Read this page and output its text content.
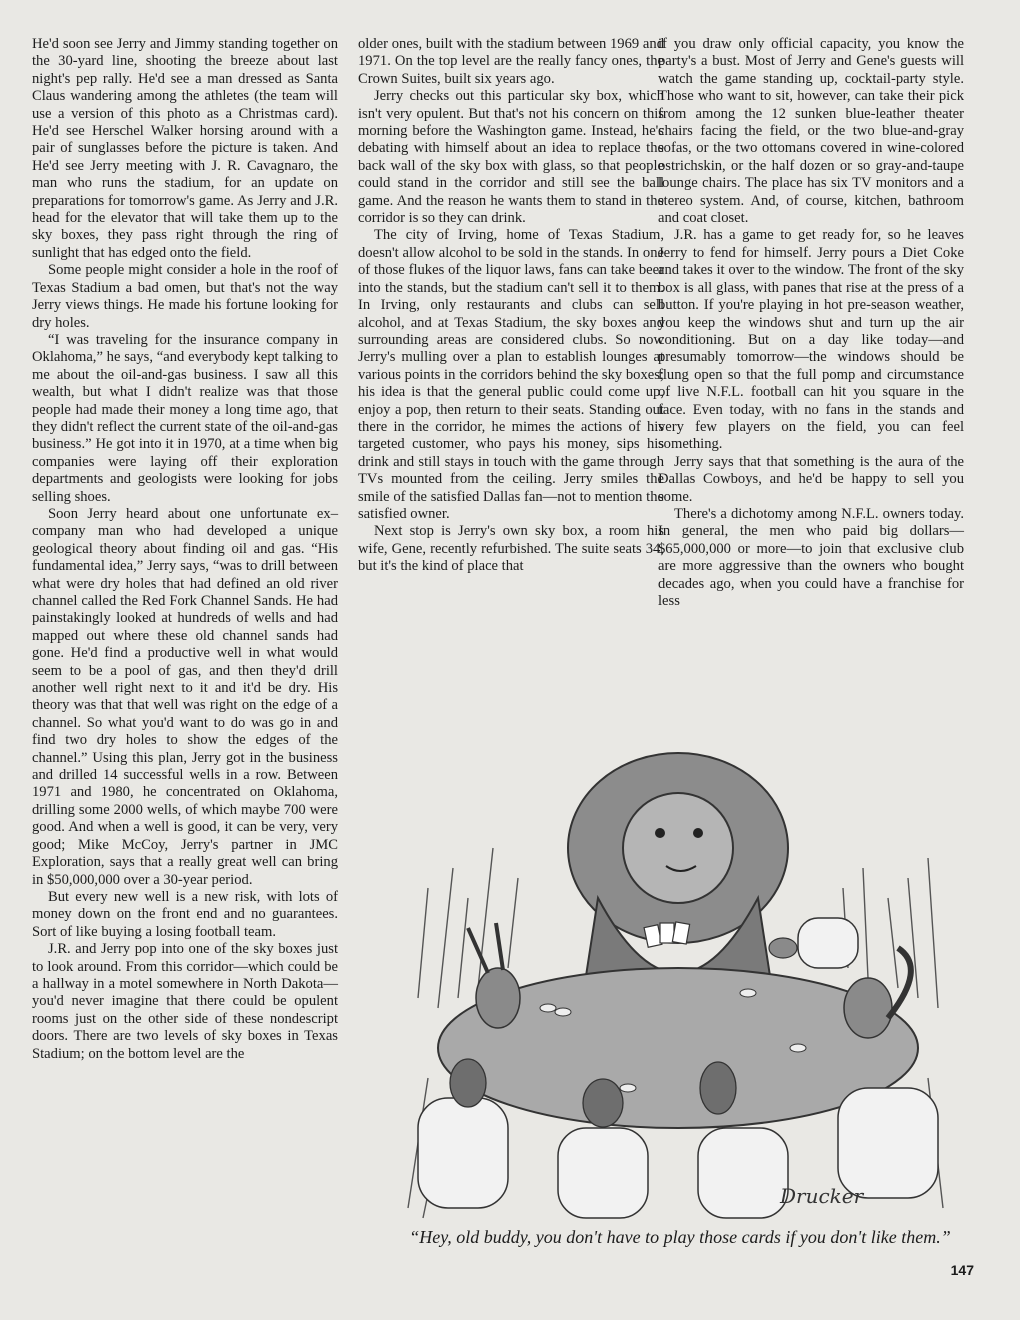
He'd soon see Jerry and Jimmy standing together on the 30-yard line, shooting the breeze about last night's pep rally. He'd see a man dressed as Santa Claus wandering among the athletes (the team will use a version of this photo as a Christmas card). He'd see Herschel Walker horsing around with a pair of sunglasses before the picture is taken. And He'd see Jerry meeting with J. R. Cavagnaro, the man who runs the stadium, for an update on preparations for tomorrow's game. As Jerry and J.R. head for the elevator that will take them up to the sky boxes, they pass right through the ring of sunlight that has edged onto the field.

Some people might consider a hole in the roof of Texas Stadium a bad omen, but that's not the way Jerry views things. He made his fortune looking for dry holes.

“I was traveling for the insurance company in Oklahoma,” he says, “and everybody kept talking to me about the oil-and-gas business. I saw all this wealth, but what I didn't realize was that those people had made their money a long time ago, that they didn't reflect the current state of the oil-and-gas business.” He got into it in 1970, at a time when big companies were laying off their exploration departments and geologists were looking for jobs selling shoes.

Soon Jerry heard about one unfortunate ex–company man who had developed a unique geological theory about finding oil and gas. “His fundamental idea,” Jerry says, “was to drill between what were dry holes that had defined an old river channel called the Red Fork Channel Sands. He had painstakingly looked at hundreds of wells and had mapped out where these old channel sands had gone. He'd find a productive well in what would seem to be a pool of gas, and then they'd drill another well right next to it and it'd be dry. His theory was that that well was right on the edge of a channel. So what you'd want to do was go in and find two dry holes to show the edges of the channel.” Using this plan, Jerry got in the business and drilled 14 successful wells in a row. Between 1971 and 1980, he concentrated on Oklahoma, drilling some 2000 wells, of which maybe 700 were good. And when a well is good, it can be very, very good; Mike McCoy, Jerry's partner in JMC Exploration, says that a really great well can bring in $50,000,000 over a 30-year period.

But every new well is a new risk, with lots of money down on the front end and no guarantees. Sort of like buying a losing football team.

J.R. and Jerry pop into one of the sky boxes just to look around. From this corridor—which could be a hallway in a motel somewhere in North Dakota—you'd never imagine that there could be opulent rooms just on the other side of these nondescript doors. There are two levels of sky boxes in Texas Stadium; on the bottom level are the

older ones, built with the stadium between 1969 and 1971. On the top level are the really fancy ones, the Crown Suites, built six years ago.

Jerry checks out this particular sky box, which isn't very opulent. But that's not his concern on this morning before the Washington game. Instead, he's debating with himself about an idea to replace the back wall of the sky box with glass, so that people could stand in the corridor and still see the ball game. And the reason he wants them to stand in the corridor is so they can drink.

The city of Irving, home of Texas Stadium, doesn't allow alcohol to be sold in the stands. In one of those flukes of the liquor laws, fans can take beer into the stands, but the stadium can't sell it to them. In Irving, only restaurants and clubs can sell alcohol, and at Texas Stadium, the sky boxes and surrounding areas are considered clubs. So now Jerry's mulling over a plan to establish lounges at various points in the corridors behind the sky boxes; his idea is that the general public could come up, enjoy a pop, then return to their seats. Standing out there in the corridor, he mimes the actions of his targeted customer, who pays his money, sips his drink and still stays in touch with the game through TVs mounted from the ceiling. Jerry smiles the smile of the satisfied Dallas fan—not to mention the satisfied owner.

Next stop is Jerry's own sky box, a room his wife, Gene, recently refurbished. The suite seats 34, but it's the kind of place that

if you draw only official capacity, you know the party's a bust. Most of Jerry and Gene's guests will watch the game standing up, cocktail-party style. Those who want to sit, however, can take their pick from among the 12 sunken blue-leather theater chairs facing the field, or the two blue-and-gray sofas, or the two ottomans covered in wine-colored ostrichskin, or the half dozen or so gray-and-taupe lounge chairs. The place has six TV monitors and a stereo system. And, of course, kitchen, bathroom and coat closet.

J.R. has a game to get ready for, so he leaves Jerry to fend for himself. Jerry pours a Diet Coke and takes it over to the window. The front of the sky box is all glass, with panes that rise at the press of a button. If you're playing in hot pre-season weather, you keep the windows shut and turn up the air conditioning. But on a day like today—and presumably tomorrow—the windows should be flung open so that the full pomp and circumstance of live N.F.L. football can hit you square in the face. Even today, with no fans in the stands and very few players on the field, you can feel something.

Jerry says that that something is the aura of the Dallas Cowboys, and he'd be happy to sell you some.

There's a dichotomy among N.F.L. owners today. In general, the men who paid big dollars—$65,000,000 or more—to join that exclusive club are more aggressive than the owners who bought decades ago, when you could have a franchise for less

Drucker
“Hey, old buddy, you don't have to play those cards if you don't like them.”
147
